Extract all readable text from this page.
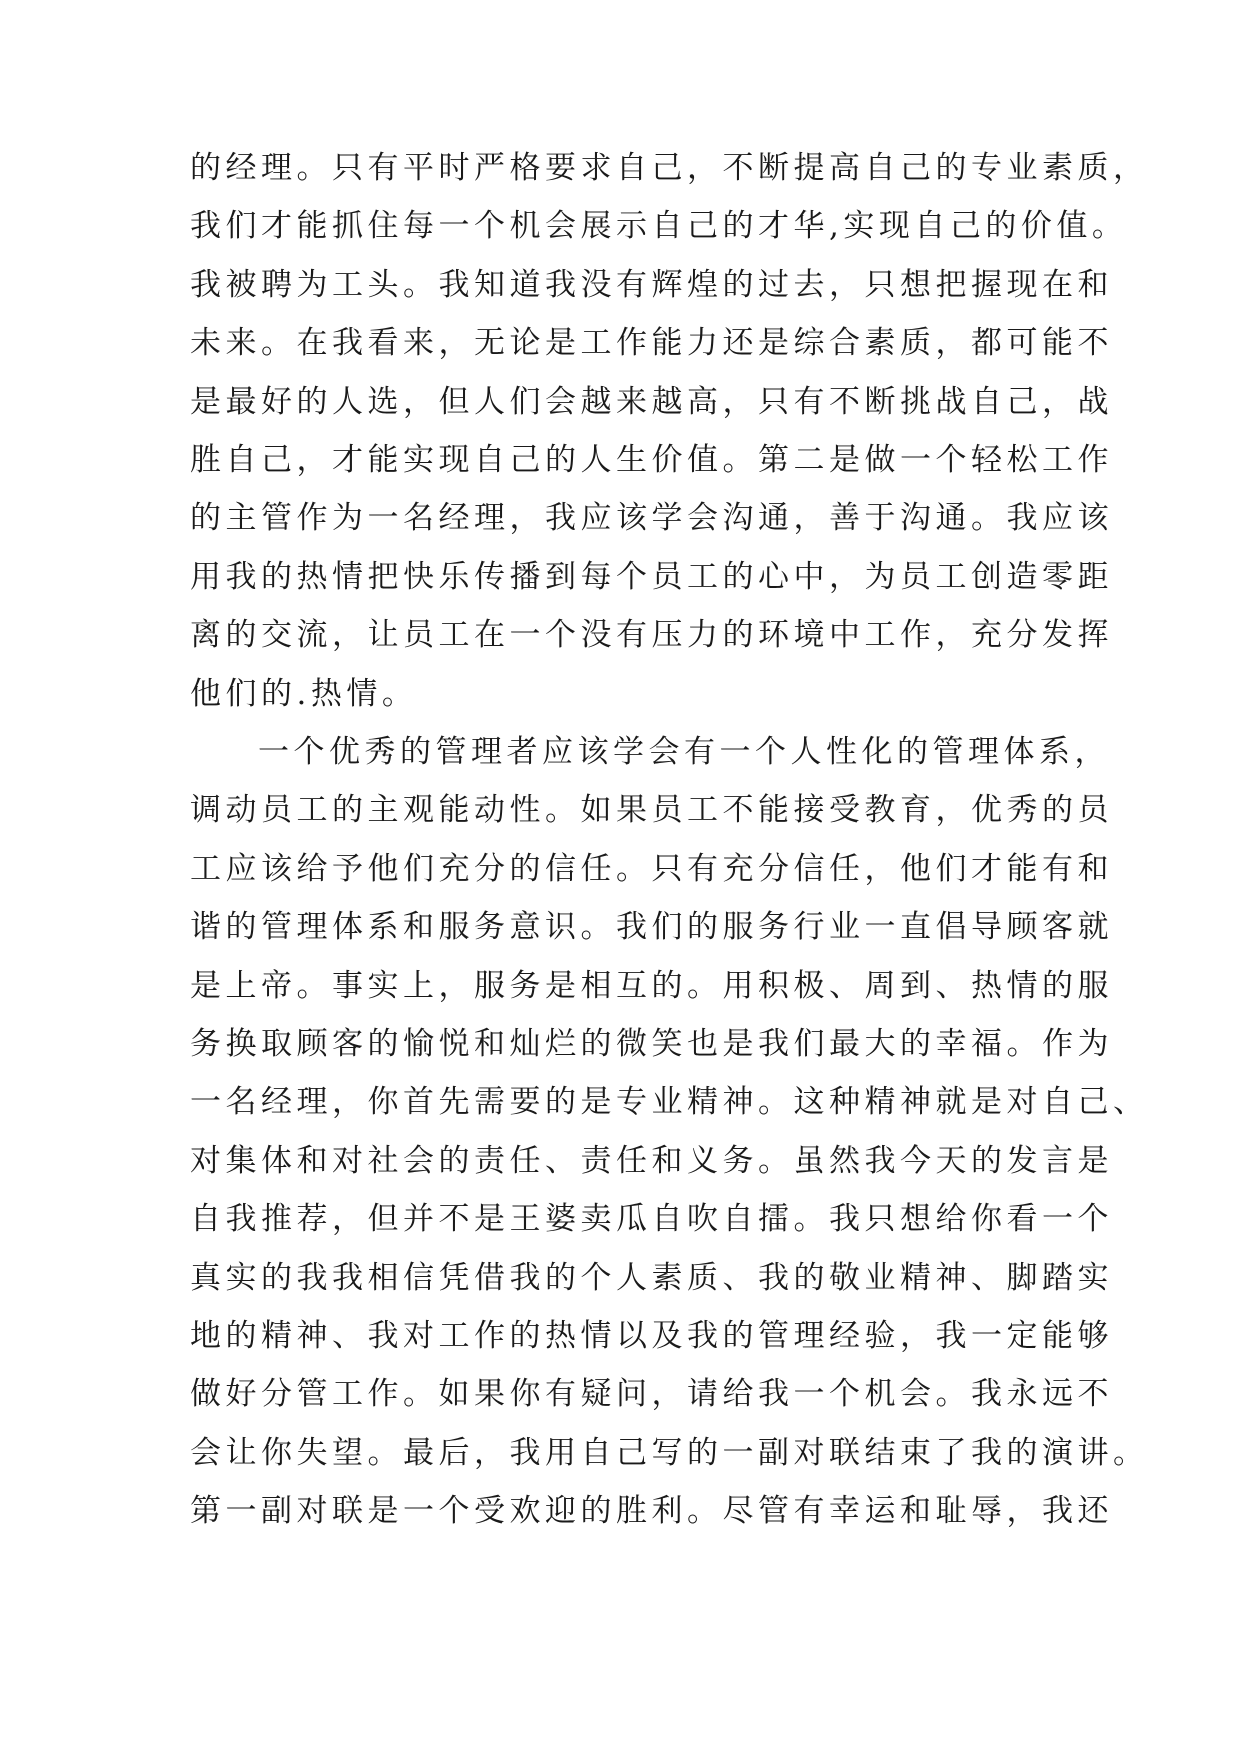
的经理。只有平时严格要求自己，不断提高自己的专业素质，
我们才能抓住每一个机会展示自己的才华,实现自己的价值。
我被聘为工头。我知道我没有辉煌的过去，只想把握现在和
未来。在我看来，无论是工作能力还是综合素质，都可能不
是最好的人选，但人们会越来越高，只有不断挑战自己，战
胜自己，才能实现自己的人生价值。第二是做一个轻松工作
的主管作为一名经理，我应该学会沟通，善于沟通。我应该
用我的热情把快乐传播到每个员工的心中，为员工创造零距
离的交流，让员工在一个没有压力的环境中工作，充分发挥
他们的.热情。
一个优秀的管理者应该学会有一个人性化的管理体系，
调动员工的主观能动性。如果员工不能接受教育，优秀的员
工应该给予他们充分的信任。只有充分信任，他们才能有和
谐的管理体系和服务意识。我们的服务行业一直倡导顾客就
是上帝。事实上，服务是相互的。用积极、周到、热情的服
务换取顾客的愉悦和灿烂的微笑也是我们最大的幸福。作为
一名经理，你首先需要的是专业精神。这种精神就是对自己、
对集体和对社会的责任、责任和义务。虽然我今天的发言是
自我推荐，但并不是王婆卖瓜自吹自擂。我只想给你看一个
真实的我我相信凭借我的个人素质、我的敬业精神、脚踏实
地的精神、我对工作的热情以及我的管理经验，我一定能够
做好分管工作。如果你有疑问，请给我一个机会。我永远不
会让你失望。最后，我用自己写的一副对联结束了我的演讲。
第一副对联是一个受欢迎的胜利。尽管有幸运和耻辱，我还
